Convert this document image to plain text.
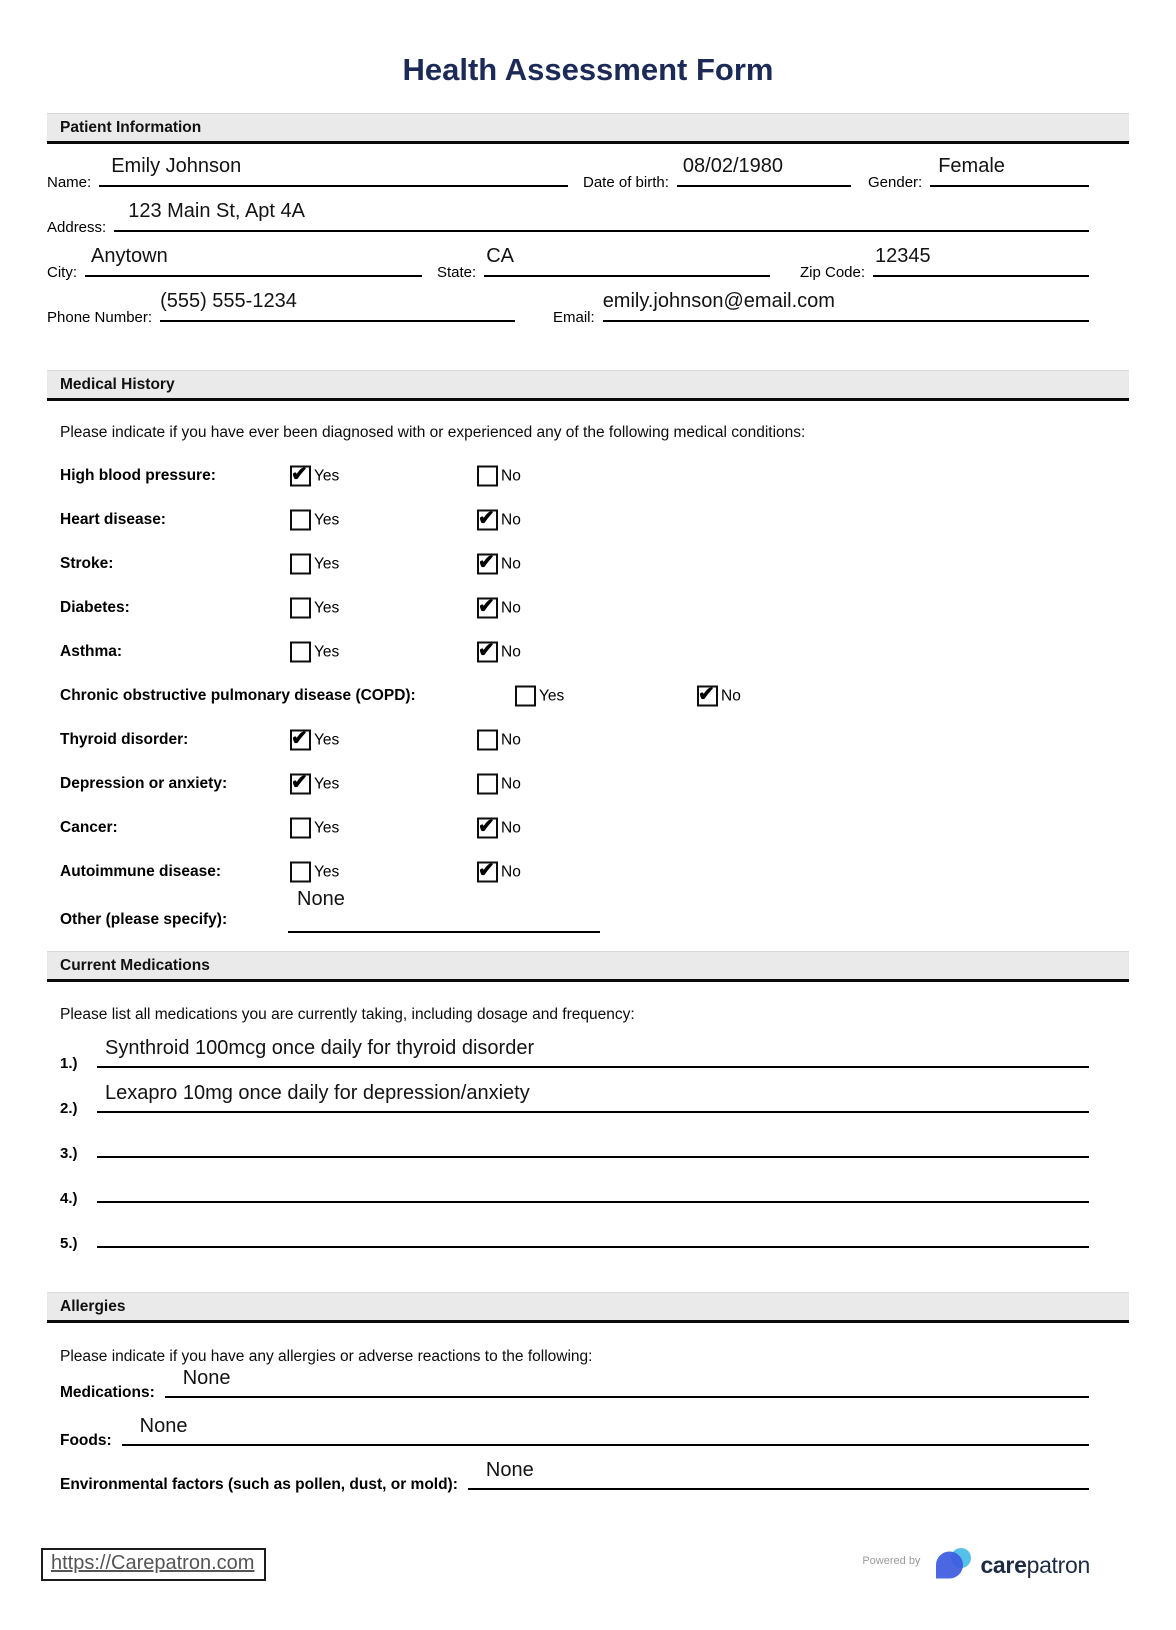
Health Assessment Form
Patient Information
Name:
Emily Johnson
Date of birth:
08/02/1980
Gender:
Female
Address:
123 Main St, Apt 4A
City:
Anytown
State:
CA
Zip Code:
12345
Phone Number:
(555) 555-1234
Email:
emily.johnson@email.com
Medical History
Please indicate if you have ever been diagnosed with or experienced any of the following medical conditions:
High blood pressure: ✔	Yes	No
Heart disease:	Yes ✔	No
Stroke:	Yes ✔	No
Diabetes:	Yes ✔	No
Asthma:	Yes ✔	No
Chronic obstructive pulmonary disease (COPD):	Yes ✔	No
Thyroid disorder: ✔	Yes	No
Depression or anxiety: ✔	Yes	No
Cancer:	Yes ✔	No
Autoimmune disease:	Yes ✔	No
Other (please specify):
None
Current Medications
Please list all medications you are currently taking, including dosage and frequency:
1.)
Synthroid 100mcg once daily for thyroid disorder
2.)
Lexapro 10mg once daily for depression/anxiety
3.)
4.)
5.)
Allergies
Please indicate if you have any allergies or adverse reactions to the following:
Medications:
None
Foods:
None
Environmental factors (such as pollen, dust, or mold):
None
https://Carepatron.com	Powered by	carepatron
